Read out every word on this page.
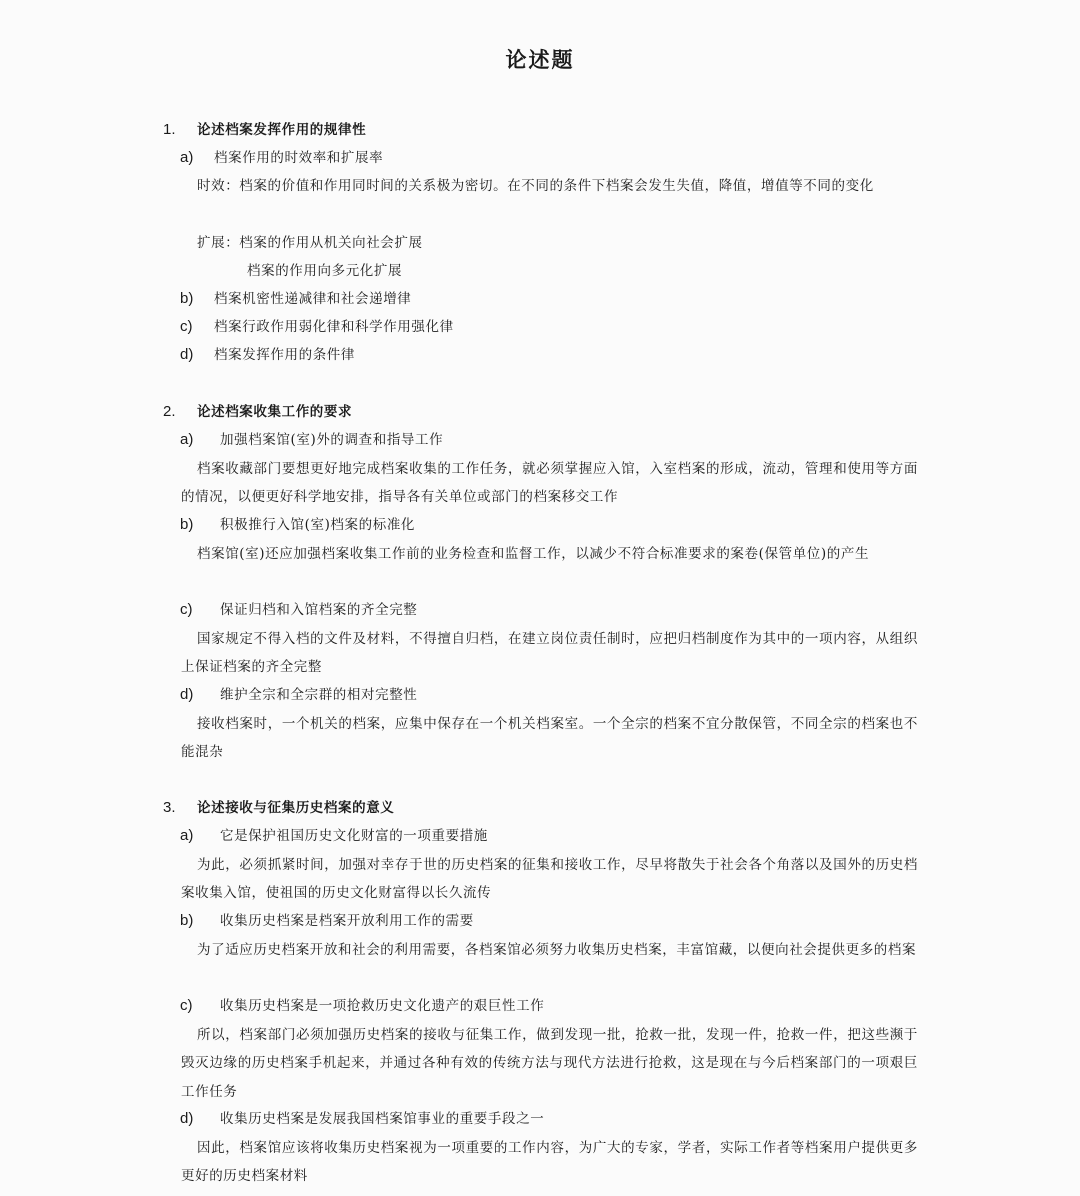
论述题
1. 论述档案发挥作用的规律性
a) 档案作用的时效率和扩展率
时效：档案的价值和作用同时间的关系极为密切。在不同的条件下档案会发生失值，降值，增值等不同的变化
扩展：档案的作用从机关向社会扩展
档案的作用向多元化扩展
b) 档案机密性递减律和社会递增律
c) 档案行政作用弱化律和科学作用强化律
d) 档案发挥作用的条件律
2. 论述档案收集工作的要求
a) 加强档案馆(室)外的调查和指导工作
档案收藏部门要想更好地完成档案收集的工作任务，就必须掌握应入馆，入室档案的形成，流动，管理和使用等方面的情况，以便更好科学地安排，指导各有关单位或部门的档案移交工作
b) 积极推行入馆(室)档案的标准化
档案馆(室)还应加强档案收集工作前的业务检查和监督工作，以减少不符合标准要求的案卷(保管单位)的产生
c) 保证归档和入馆档案的齐全完整
国家规定不得入档的文件及材料，不得擅自归档，在建立岗位责任制时，应把归档制度作为其中的一项内容，从组织上保证档案的齐全完整
d) 维护全宗和全宗群的相对完整性
接收档案时，一个机关的档案，应集中保存在一个机关档案室。一个全宗的档案不宜分散保管，不同全宗的档案也不能混杂
3. 论述接收与征集历史档案的意义
a) 它是保护祖国历史文化财富的一项重要措施
为此，必须抓紧时间，加强对幸存于世的历史档案的征集和接收工作，尽早将散失于社会各个角落以及国外的历史档案收集入馆，使祖国的历史文化财富得以长久流传
b) 收集历史档案是档案开放利用工作的需要
为了适应历史档案开放和社会的利用需要，各档案馆必须努力收集历史档案，丰富馆藏，以便向社会提供更多的档案
c) 收集历史档案是一项抢救历史文化遗产的艰巨性工作
所以，档案部门必须加强历史档案的接收与征集工作，做到发现一批，抢救一批，发现一件，抢救一件，把这些濒于毁灭边缘的历史档案手机起来，并通过各种有效的传统方法与现代方法进行抢救，这是现在与今后档案部门的一项艰巨工作任务
d) 收集历史档案是发展我国档案馆事业的重要手段之一
因此，档案馆应该将收集历史档案视为一项重要的工作内容，为广大的专家，学者，实际工作者等档案用户提供更多更好的历史档案材料
